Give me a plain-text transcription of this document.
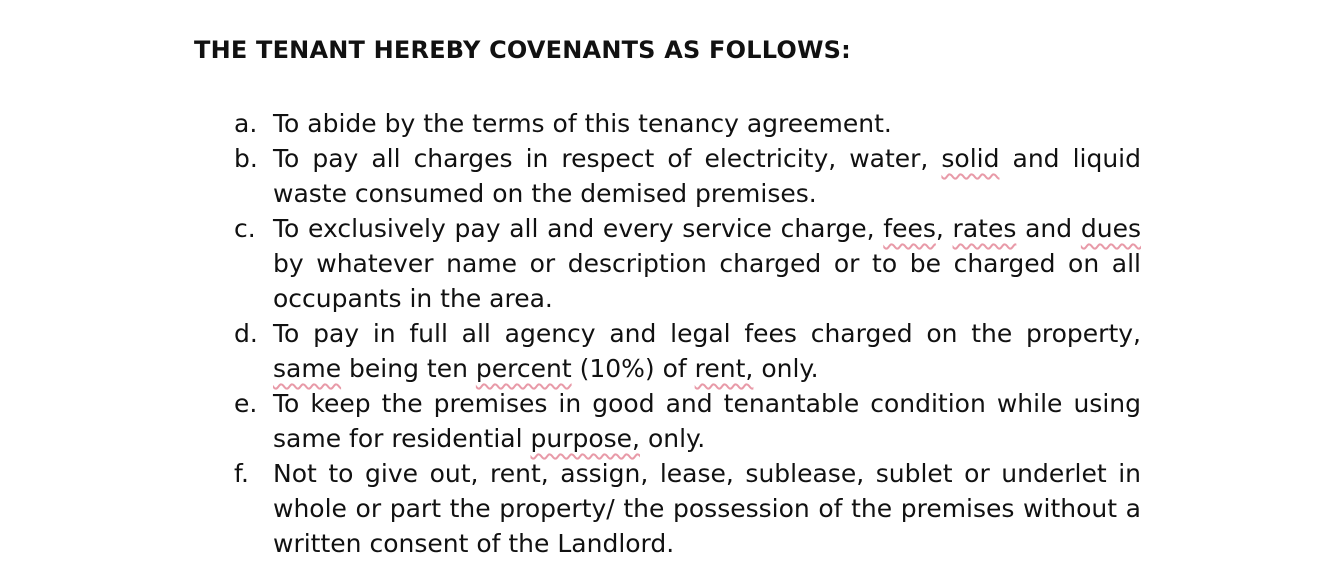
THE TENANT HEREBY COVENANTS AS FOLLOWS:
a. To abide by the terms of this tenancy agreement.
b. To pay all charges in respect of electricity, water, solid and liquid waste consumed on the demised premises.
c. To exclusively pay all and every service charge, fees, rates and dues by whatever name or description charged or to be charged on all occupants in the area.
d. To pay in full all agency and legal fees charged on the property, same being ten percent (10%) of rent, only.
e. To keep the premises in good and tenantable condition while using same for residential purpose, only.
f. Not to give out, rent, assign, lease, sublease, sublet or underlet in whole or part the property/ the possession of the premises without a written consent of the Landlord.
